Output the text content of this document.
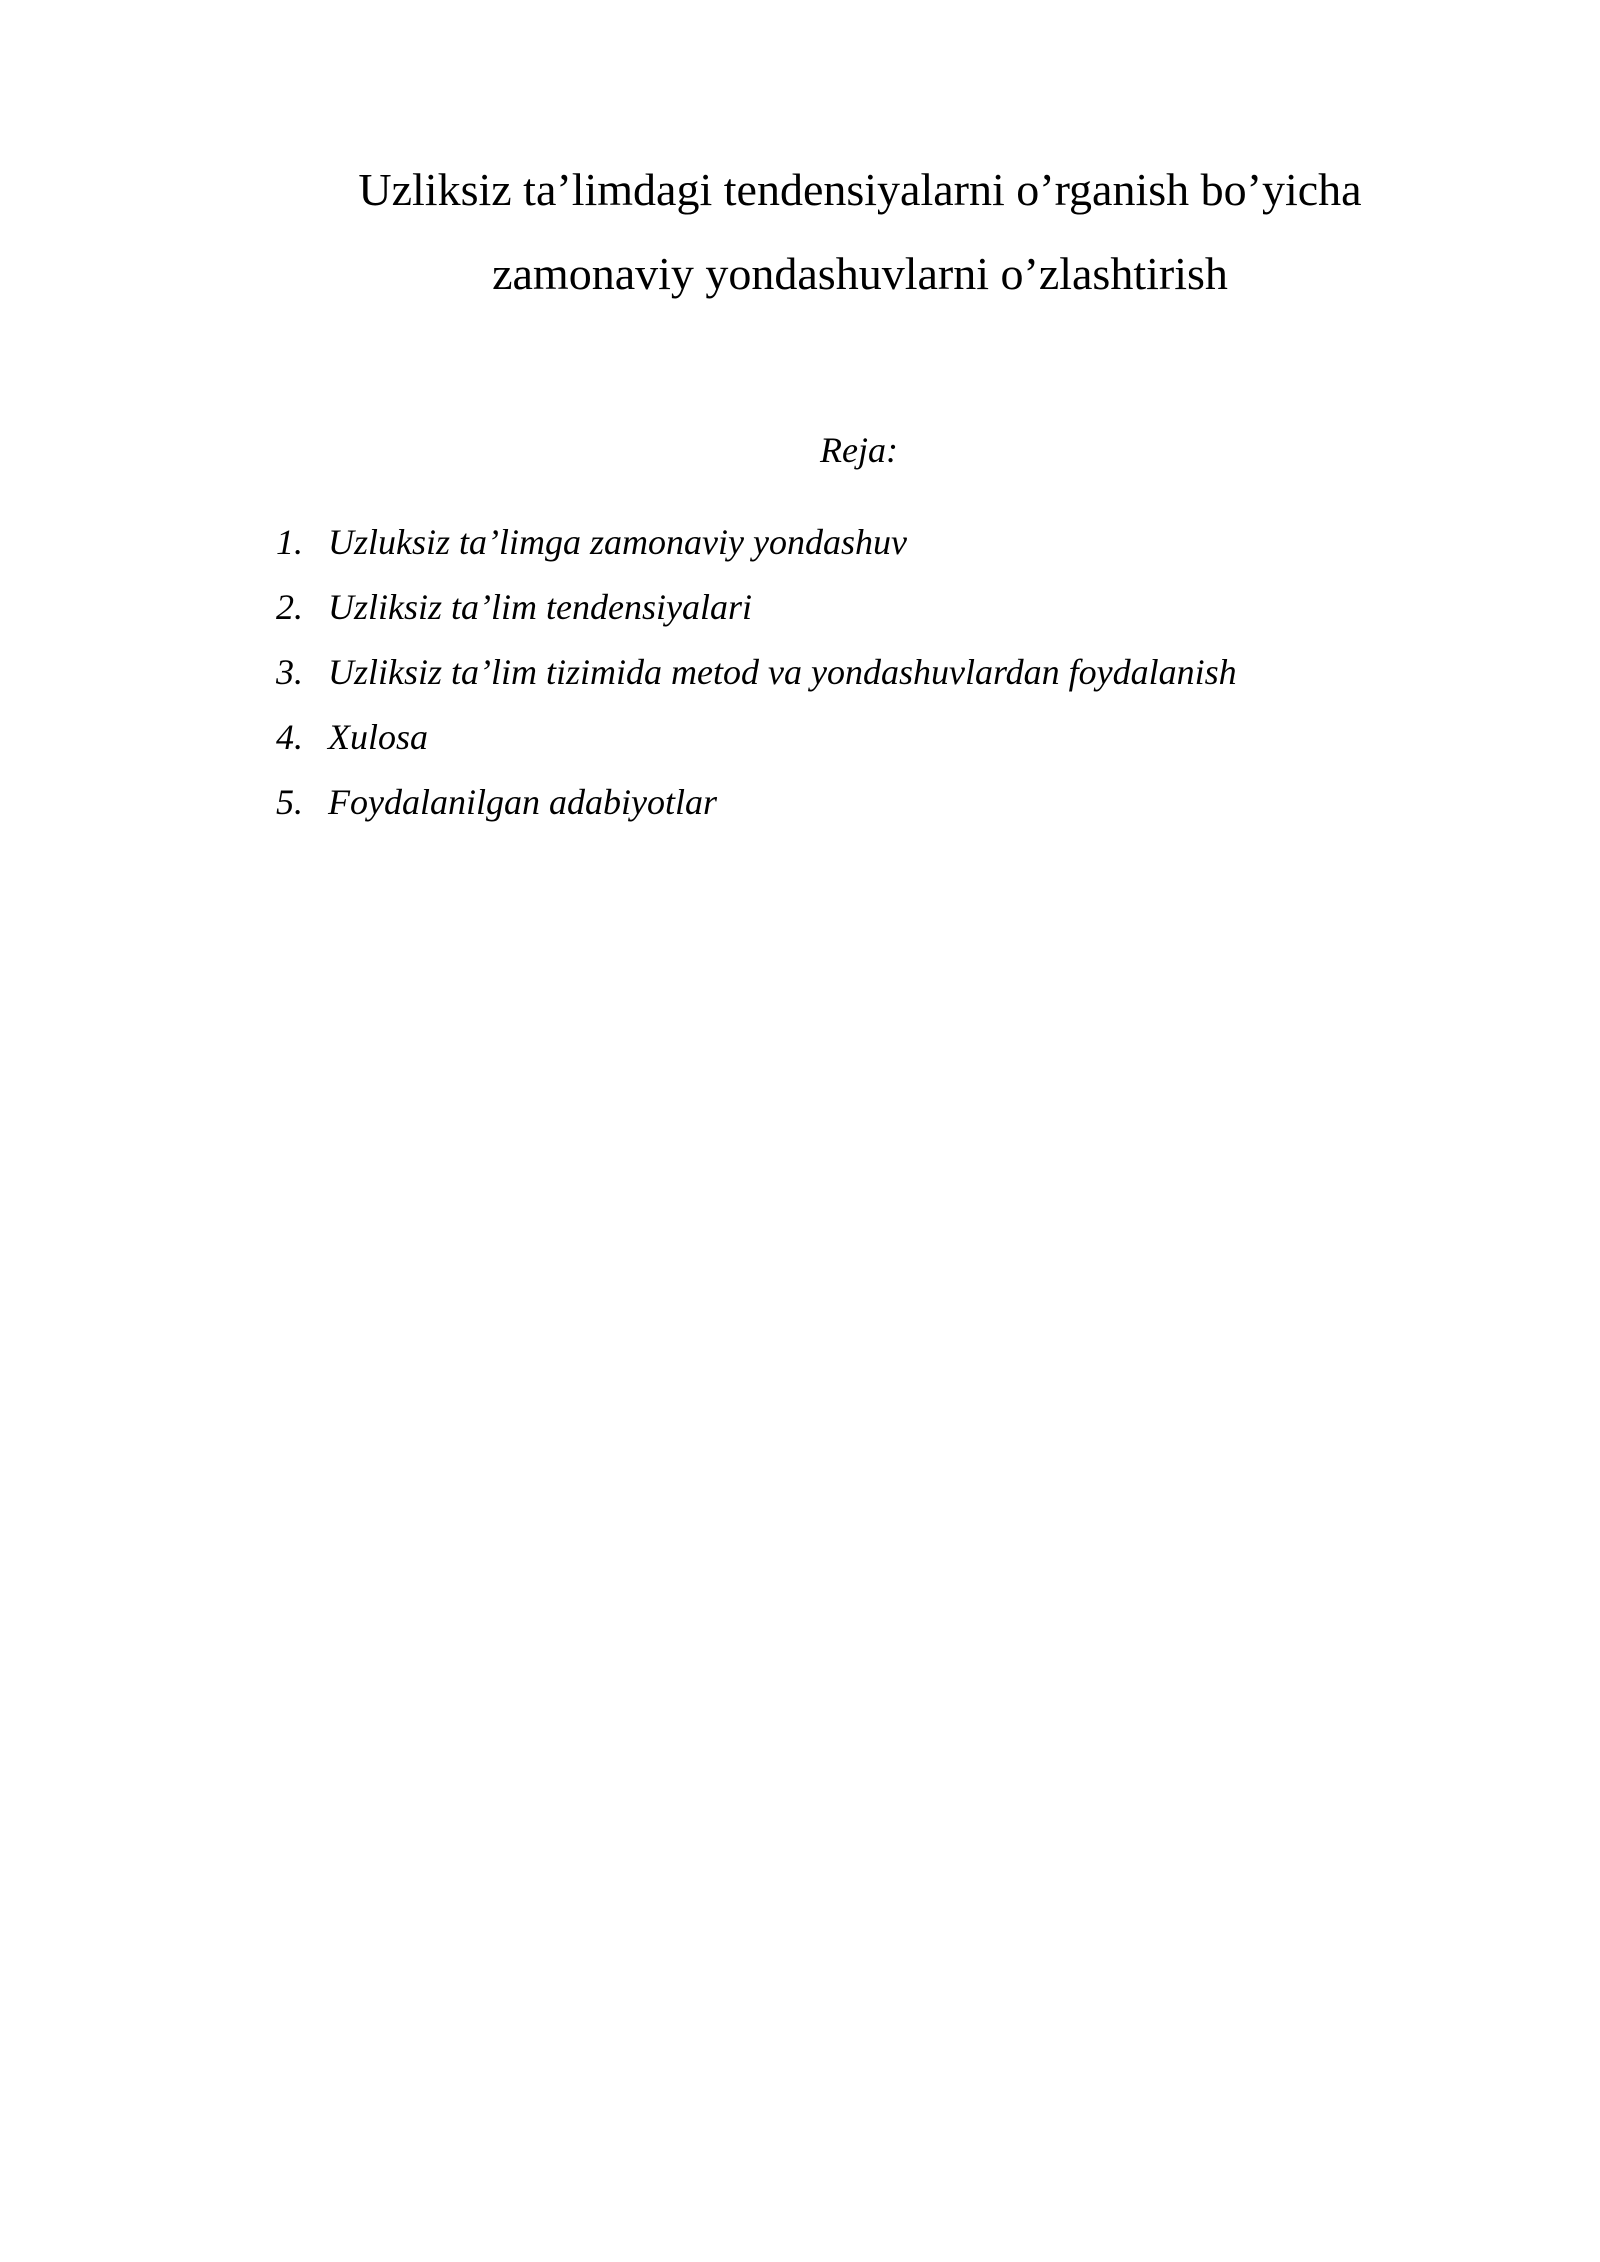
Uzliksiz ta’limdagi tendensiyalarni o’rganish bo’yicha
zamonaviy yondashuvlarni o’zlashtirish
Reja:
1. Uzluksiz ta’limga zamonaviy yondashuv
2. Uzliksiz ta’lim tendensiyalari
3. Uzliksiz ta’lim tizimida metod va yondashuvlardan foydalanish
4. Xulosa
5. Foydalanilgan adabiyotlar
